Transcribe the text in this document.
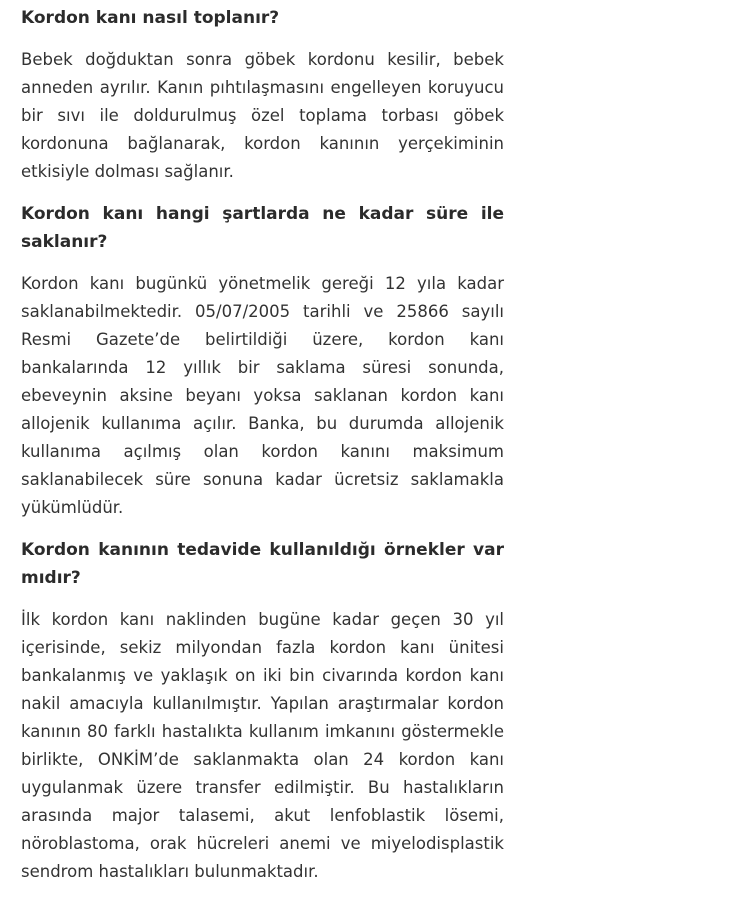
Kordon kanı nasıl toplanır?

Bebek doğduktan sonra göbek kordonu kesilir, bebek anneden ayrılır. Kanın pıhtılaşmasını engelleyen koruyucu bir sıvı ile doldurulmuş özel toplama torbası göbek kordonuna bağlanarak, kordon kanının yerçekiminin etkisiyle dolması sağlanır.

Kordon kanı hangi şartlarda ne kadar süre ile saklanır?

Kordon kanı bugünkü yönetmelik gereği 12 yıla kadar saklanabilmektedir. 05/07/2005 tarihli ve 25866 sayılı Resmi Gazete’de belirtildiği üzere, kordon kanı bankalarında 12 yıllık bir saklama süresi sonunda, ebeveynin aksine beyanı yoksa saklanan kordon kanı allojenik kullanıma açılır. Banka, bu durumda allojenik kullanıma açılmış olan kordon kanını maksimum saklanabilecek süre sonuna kadar ücretsiz saklamakla yükümlüdür.

Kordon kanının tedavide kullanıldığı örnekler var mıdır?

İlk kordon kanı naklinden bugüne kadar geçen 30 yıl içerisinde, sekiz milyondan fazla kordon kanı ünitesi bankalanmış ve yaklaşık on iki bin civarında kordon kanı nakil amacıyla kullanılmıştır. Yapılan araştırmalar kordon kanının 80 farklı hastalıkta kullanım imkanını göstermekle birlikte, ONKİM’de saklanmakta olan 24 kordon kanı uygulanmak üzere transfer edilmiştir. Bu hastalıkların arasında major talasemi, akut lenfoblastik lösemi, nöroblastoma, orak hücreleri anemi ve miyelodisplastik sendrom hastalıkları bulunmaktadır.
